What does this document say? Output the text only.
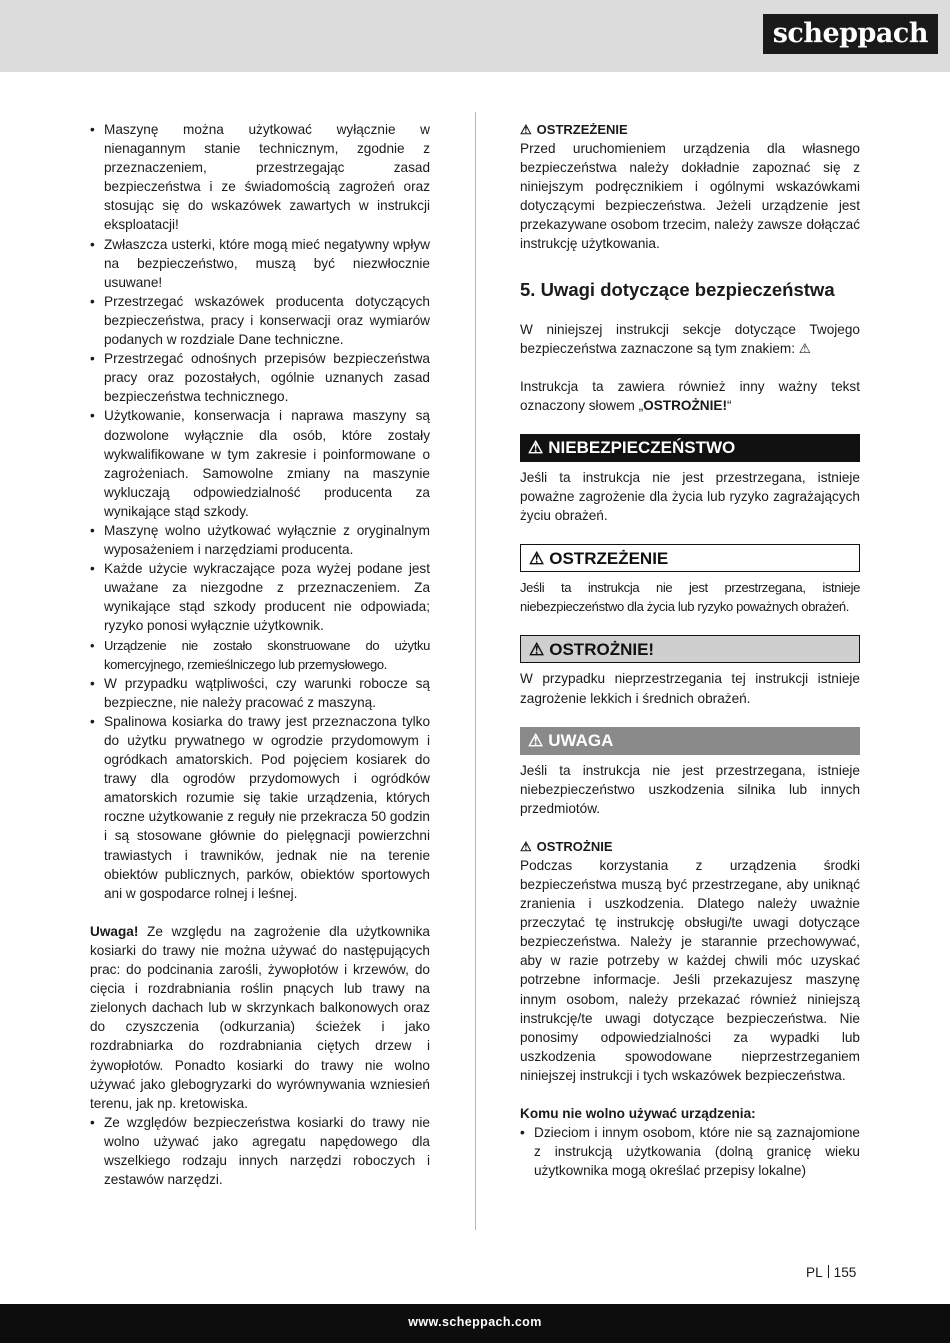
scheppach
• Maszynę można użytkować wyłącznie w nienagannym stanie technicznym, zgodnie z przeznaczeniem, przestrzegając zasad bezpieczeństwa i ze świadomością zagrożeń oraz stosując się do wskazówek zawartych w instrukcji eksploatacji!
• Zwłaszcza usterki, które mogą mieć negatywny wpływ na bezpieczeństwo, muszą być niezwłocznie usuwane!
• Przestrzegać wskazówek producenta dotyczących bezpieczeństwa, pracy i konserwacji oraz wymiarów podanych w rozdziale Dane techniczne.
• Przestrzegać odnośnych przepisów bezpieczeństwa pracy oraz pozostałych, ogólnie uznanych zasad bezpieczeństwa technicznego.
• Użytkowanie, konserwacja i naprawa maszyny są dozwolone wyłącznie dla osób, które zostały wykwalifikowane w tym zakresie i poinformowane o zagrożeniach. Samowolne zmiany na maszynie wykluczają odpowiedzialność producenta za wynikające stąd szkody.
• Maszynę wolno użytkować wyłącznie z oryginalnym wyposażeniem i narzędziami producenta.
• Każde użycie wykraczające poza wyżej podane jest uważane za niezgodne z przeznaczeniem. Za wynikające stąd szkody producent nie odpowiada; ryzyko ponosi wyłącznie użytkownik.
• Urządzenie nie zostało skonstruowane do użytku komercyjnego, rzemieślniczego lub przemysłowego.
• W przypadku wątpliwości, czy warunki robocze są bezpieczne, nie należy pracować z maszyną.
• Spalinowa kosiarka do trawy jest przeznaczona tylko do użytku prywatnego w ogrodzie przydomowym i ogródkach amatorskich. Pod pojęciem kosiarek do trawy dla ogrodów przydomowych i ogródków amatorskich rozumie się takie urządzenia, których roczne użytkowanie z reguły nie przekracza 50 godzin i są stosowane głównie do pielęgnacji powierzchni trawiastych i trawników, jednak nie na terenie obiektów publicznych, parków, obiektów sportowych ani w gospodarce rolnej i leśnej.

Uwaga! Ze względu na zagrożenie dla użytkownika kosiarki do trawy nie można używać do następujących prac: do podcinania zarośli, żywopłotów i krzewów, do cięcia i rozdrabniania roślin pnących lub trawy na zielonych dachach lub w skrzynkach balkonowych oraz do czyszczenia (odkurzania) ścieżek i jako rozdrabniarka do rozdrabniania ciętych drzew i żywopłotów. Ponadto kosiarki do trawy nie wolno używać jako glebogryzarki do wyrównywania wzniesień terenu, jak np. kretowiska.

• Ze względów bezpieczeństwa kosiarki do trawy nie wolno używać jako agregatu napędowego dla wszelkiego rodzaju innych narzędzi roboczych i zestawów narzędzi.
⚠ OSTRZEŻENIE

Przed uruchomieniem urządzenia dla własnego bezpieczeństwa należy dokładnie zapoznać się z niniejszym podręcznikiem i ogólnymi wskazówkami dotyczącymi bezpieczeństwa. Jeżeli urządzenie jest przekazywane osobom trzecim, należy zawsze dołączać instrukcję użytkowania.

5. Uwagi dotyczące bezpieczeństwa

W niniejszej instrukcji sekcje dotyczące Twojego bezpieczeństwa zaznaczone są tym znakiem: ⚠

Instrukcja ta zawiera również inny ważny tekst oznaczony słowem „OSTROŻNIE!“

⚠ NIEBEZPIECZEŃSTWO

Jeśli ta instrukcja nie jest przestrzegana, istnieje poważne zagrożenie dla życia lub ryzyko zagrażających życiu obrażeń.

⚠ OSTRZEŻENIE

Jeśli ta instrukcja nie jest przestrzegana, istnieje niebezpieczeństwo dla życia lub ryzyko poważnych obrażeń.

⚠ OSTROŻNIE!

W przypadku nieprzestrzegania tej instrukcji istnieje zagrożenie lekkich i średnich obrażeń.

⚠ UWAGA

Jeśli ta instrukcja nie jest przestrzegana, istnieje niebezpieczeństwo uszkodzenia silnika lub innych przedmiotów.

⚠ OSTROŻNIE

Podczas korzystania z urządzenia środki bezpieczeństwa muszą być przestrzegane, aby uniknąć zranienia i uszkodzenia. Dlatego należy uważnie przeczytać tę instrukcję obsługi/te uwagi dotyczące bezpieczeństwa. Należy je starannie przechowywać, aby w razie potrzeby w każdej chwili móc uzyskać potrzebne informacje. Jeśli przekazujesz maszynę innym osobom, należy przekazać również niniejszą instrukcję/te uwagi dotyczące bezpieczeństwa. Nie ponosimy odpowiedzialności za wypadki lub uszkodzenia spowodowane nieprzestrzeganiem niniejszej instrukcji i tych wskazówek bezpieczeństwa.

Komu nie wolno używać urządzenia:
• Dzieciom i innym osobom, które nie są zaznajomione z instrukcją użytkowania (dolną granicę wieku użytkownika mogą określać przepisy lokalne)
PL 155
www.scheppach.com
